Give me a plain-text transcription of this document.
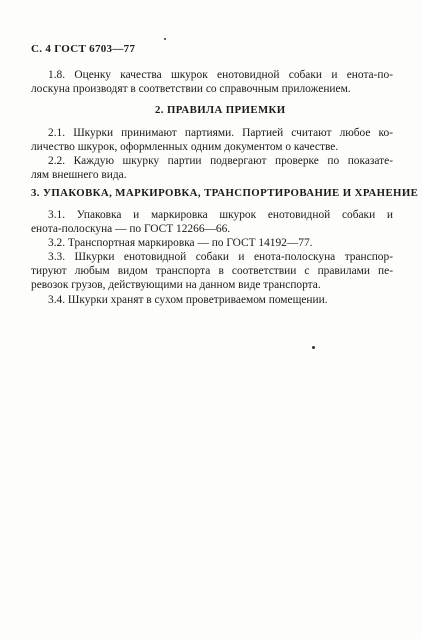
С. 4 ГОСТ 6703—77
1.8. Оценку качества шкурок енотовидной собаки и енота-по-
лоскуна производят в соответствии со справочным приложением.
2. ПРАВИЛА ПРИЕМКИ
2.1. Шкурки принимают партиями. Партией считают любое ко-
личество шкурок, оформленных одним документом о качестве.
2.2. Каждую шкурку партии подвергают проверке по показате-
лям внешнего вида.
3. УПАКОВКА, МАРКИРОВКА, ТРАНСПОРТИРОВАНИЕ И ХРАНЕНИЕ
3.1. Упаковка и маркировка шкурок енотовидной собаки и
енота-полоскуна — по ГОСТ 12266—66.
3.2. Транспортная маркировка — по ГОСТ 14192—77.
3.3. Шкурки енотовидной собаки и енота-полоскуна транспор-
тируют любым видом транспорта в соответствии с правилами пе-
ревозок грузов, действующими на данном виде транспорта.
3.4. Шкурки хранят в сухом проветриваемом помещении.
